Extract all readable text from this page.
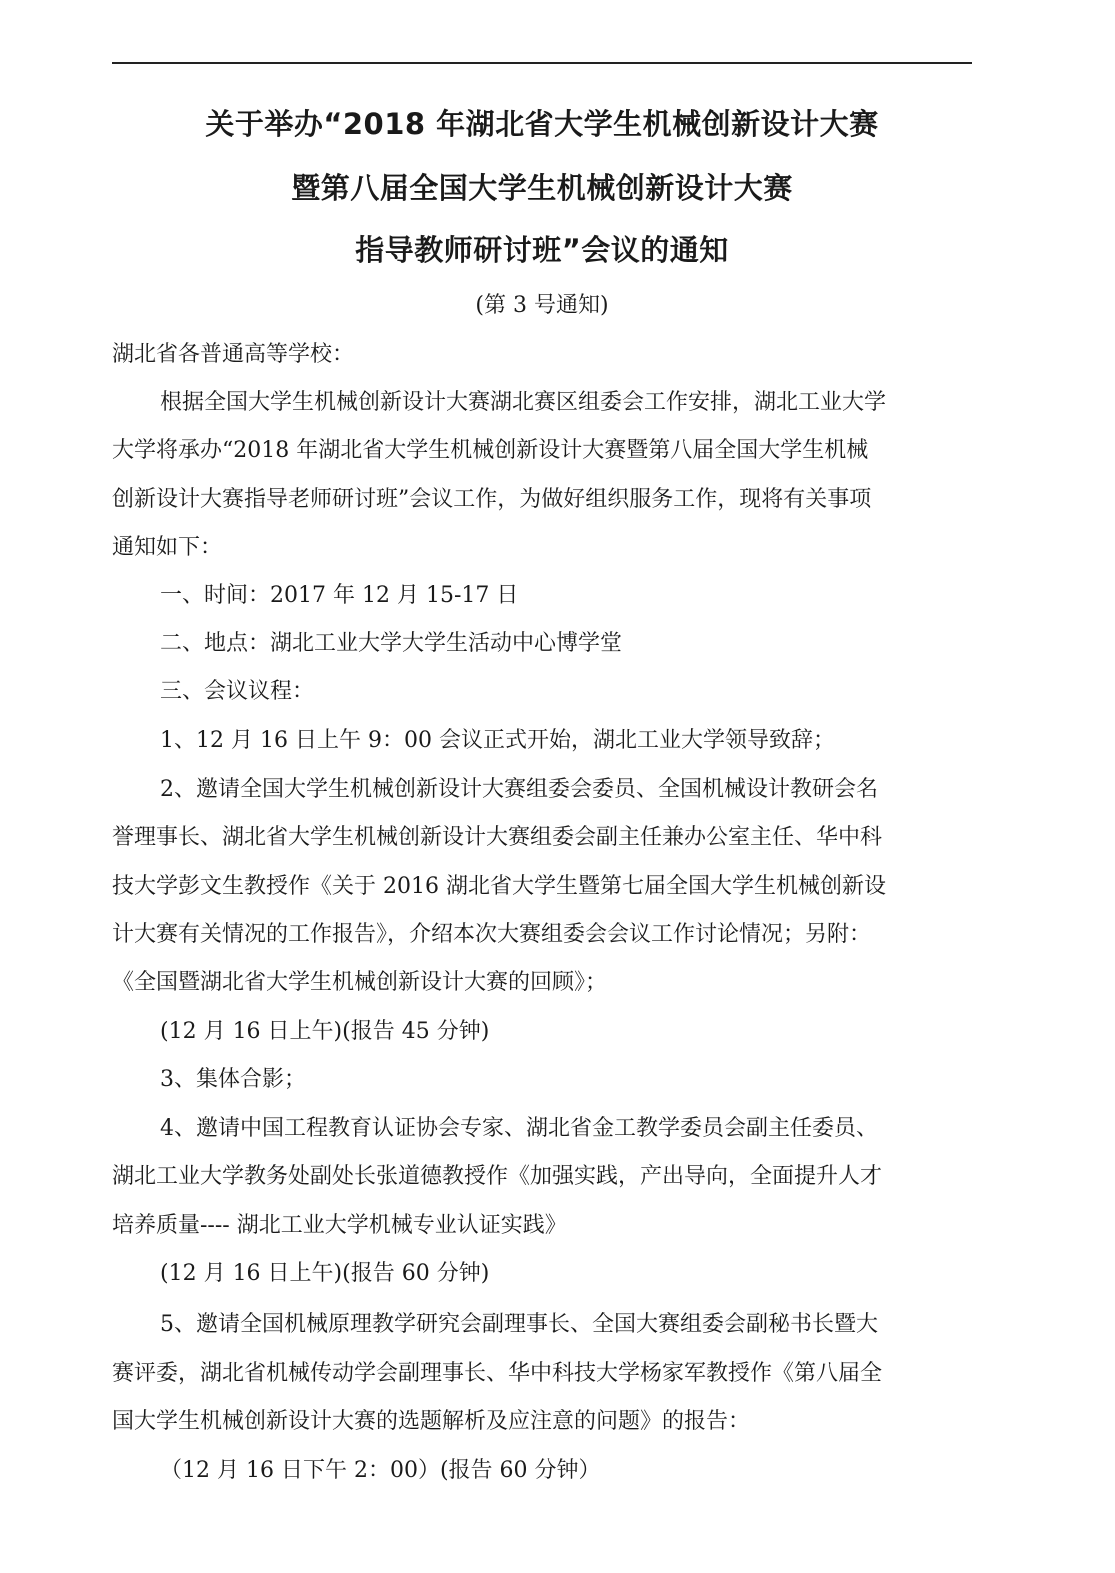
关于举办“2018 年湖北省大学生机械创新设计大赛
暨第八届全国大学生机械创新设计大赛
指导教师研讨班”会议的通知
(第 3 号通知)
湖北省各普通高等学校：
根据全国大学生机械创新设计大赛湖北赛区组委会工作安排，湖北工业大学
大学将承办“2018 年湖北省大学生机械创新设计大赛暨第八届全国大学生机械
创新设计大赛指导老师研讨班”会议工作，为做好组织服务工作，现将有关事项
通知如下：
一、时间：2017 年 12 月 15-17 日
二、地点：湖北工业大学大学生活动中心博学堂
三、会议议程：
1、12 月 16 日上午 9：00 会议正式开始，湖北工业大学领导致辞；
2、邀请全国大学生机械创新设计大赛组委会委员、全国机械设计教研会名
誉理事长、湖北省大学生机械创新设计大赛组委会副主任兼办公室主任、华中科
技大学彭文生教授作《关于 2016 湖北省大学生暨第七届全国大学生机械创新设
计大赛有关情况的工作报告》，介绍本次大赛组委会会议工作讨论情况；另附：
《全国暨湖北省大学生机械创新设计大赛的回顾》；
(12 月 16 日上午)(报告 45 分钟)
3、集体合影；
4、邀请中国工程教育认证协会专家、湖北省金工教学委员会副主任委员、
湖北工业大学教务处副处长张道德教授作《加强实践，产出导向，全面提升人才
培养质量---- 湖北工业大学机械专业认证实践》
(12 月 16 日上午)(报告 60 分钟)
5、邀请全国机械原理教学研究会副理事长、全国大赛组委会副秘书长暨大
赛评委，湖北省机械传动学会副理事长、华中科技大学杨家军教授作《第八届全
国大学生机械创新设计大赛的选题解析及应注意的问题》的报告：
（12 月 16 日下午 2：00）(报告 60 分钟）
